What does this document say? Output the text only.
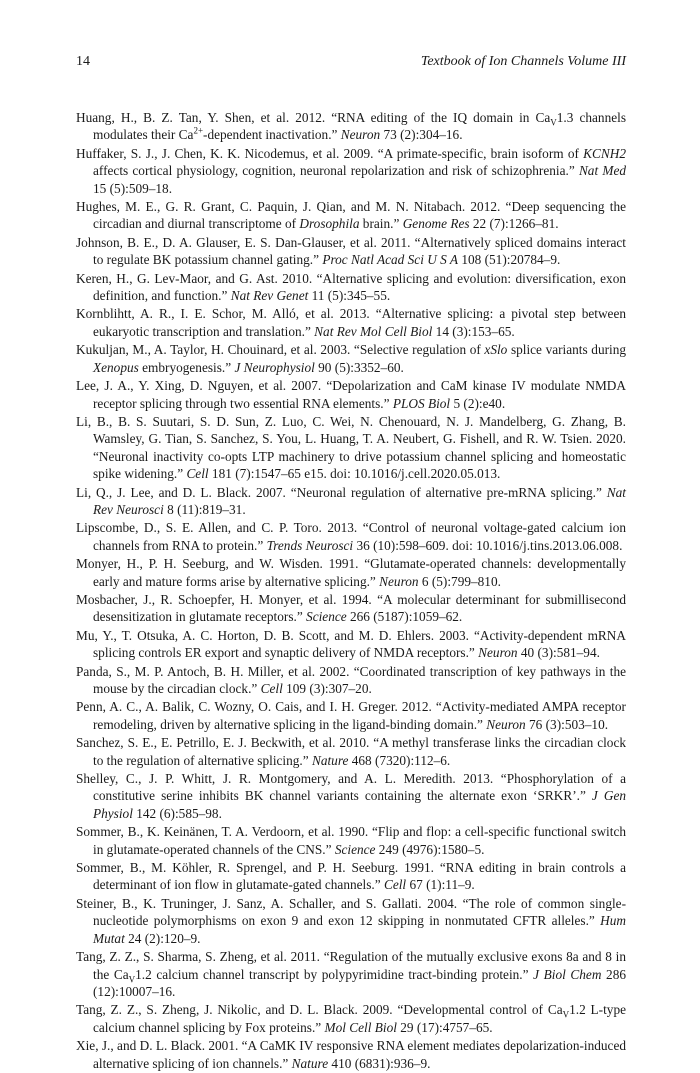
14	Textbook of Ion Channels Volume III
Huang, H., B. Z. Tan, Y. Shen, et al. 2012. “RNA editing of the IQ domain in $Ca_V1.3$ channels modulates their $Ca^{2+}$-dependent inactivation.” Neuron 73 (2):304–16.
Huffaker, S. J., J. Chen, K. K. Nicodemus, et al. 2009. “A primate-specific, brain isoform of KCNH2 affects cortical physiology, cognition, neuronal repolarization and risk of schizophrenia.” Nat Med 15 (5):509–18.
Hughes, M. E., G. R. Grant, C. Paquin, J. Qian, and M. N. Nitabach. 2012. “Deep sequencing the circadian and diurnal transcriptome of Drosophila brain.” Genome Res 22 (7):1266–81.
Johnson, B. E., D. A. Glauser, E. S. Dan-Glauser, et al. 2011. “Alternatively spliced domains interact to regulate BK potassium channel gating.” Proc Natl Acad Sci U S A 108 (51):20784–9.
Keren, H., G. Lev-Maor, and G. Ast. 2010. “Alternative splicing and evolution: diversification, exon definition, and function.” Nat Rev Genet 11 (5):345–55.
Kornblihtt, A. R., I. E. Schor, M. Alló, et al. 2013. “Alternative splicing: a pivotal step between eukaryotic transcription and translation.” Nat Rev Mol Cell Biol 14 (3):153–65.
Kukuljan, M., A. Taylor, H. Chouinard, et al. 2003. “Selective regulation of xSlo splice variants during Xenopus embryogenesis.” J Neurophysiol 90 (5):3352–60.
Lee, J. A., Y. Xing, D. Nguyen, et al. 2007. “Depolarization and CaM kinase IV modulate NMDA receptor splicing through two essential RNA elements.” PLOS Biol 5 (2):e40.
Li, B., B. S. Suutari, S. D. Sun, Z. Luo, C. Wei, N. Chenouard, N. J. Mandelberg, G. Zhang, B. Wamsley, G. Tian, S. Sanchez, S. You, L. Huang, T. A. Neubert, G. Fishell, and R. W. Tsien. 2020. “Neuronal inactivity co-opts LTP machinery to drive potassium channel splicing and homeostatic spike widening.” Cell 181 (7):1547–65 e15. doi: 10.1016/j.cell.2020.05.013.
Li, Q., J. Lee, and D. L. Black. 2007. “Neuronal regulation of alternative pre-mRNA splicing.” Nat Rev Neurosci 8 (11):819–31.
Lipscombe, D., S. E. Allen, and C. P. Toro. 2013. “Control of neuronal voltage-gated calcium ion channels from RNA to protein.” Trends Neurosci 36 (10):598–609. doi: 10.1016/j.tins.2013.06.008.
Monyer, H., P. H. Seeburg, and W. Wisden. 1991. “Glutamate-operated channels: developmentally early and mature forms arise by alternative splicing.” Neuron 6 (5):799–810.
Mosbacher, J., R. Schoepfer, H. Monyer, et al. 1994. “A molecular determinant for submillisecond desensitization in glutamate receptors.” Science 266 (5187):1059–62.
Mu, Y., T. Otsuka, A. C. Horton, D. B. Scott, and M. D. Ehlers. 2003. “Activity-dependent mRNA splicing controls ER export and synaptic delivery of NMDA receptors.” Neuron 40 (3):581–94.
Panda, S., M. P. Antoch, B. H. Miller, et al. 2002. “Coordinated transcription of key pathways in the mouse by the circadian clock.” Cell 109 (3):307–20.
Penn, A. C., A. Balik, C. Wozny, O. Cais, and I. H. Greger. 2012. “Activity-mediated AMPA receptor remodeling, driven by alternative splicing in the ligand-binding domain.” Neuron 76 (3):503–10.
Sanchez, S. E., E. Petrillo, E. J. Beckwith, et al. 2010. “A methyl transferase links the circadian clock to the regulation of alternative splicing.” Nature 468 (7320):112–6.
Shelley, C., J. P. Whitt, J. R. Montgomery, and A. L. Meredith. 2013. “Phosphorylation of a constitutive serine inhibits BK channel variants containing the alternate exon ‘SRKR’.” J Gen Physiol 142 (6):585–98.
Sommer, B., K. Keinänen, T. A. Verdoorn, et al. 1990. “Flip and flop: a cell-specific functional switch in glutamate-operated channels of the CNS.” Science 249 (4976):1580–5.
Sommer, B., M. Köhler, R. Sprengel, and P. H. Seeburg. 1991. “RNA editing in brain controls a determinant of ion flow in glutamate-gated channels.” Cell 67 (1):11–9.
Steiner, B., K. Truninger, J. Sanz, A. Schaller, and S. Gallati. 2004. “The role of common single-nucleotide polymorphisms on exon 9 and exon 12 skipping in nonmutated CFTR alleles.” Hum Mutat 24 (2):120–9.
Tang, Z. Z., S. Sharma, S. Zheng, et al. 2011. “Regulation of the mutually exclusive exons 8a and 8 in the $Ca_V1.2$ calcium channel transcript by polypyrimidine tract-binding protein.” J Biol Chem 286 (12):10007–16.
Tang, Z. Z., S. Zheng, J. Nikolic, and D. L. Black. 2009. “Developmental control of $Ca_V1.2$ L-type calcium channel splicing by Fox proteins.” Mol Cell Biol 29 (17):4757–65.
Xie, J., and D. L. Black. 2001. “A CaMK IV responsive RNA element mediates depolarization-induced alternative splicing of ion channels.” Nature 410 (6831):936–9.
